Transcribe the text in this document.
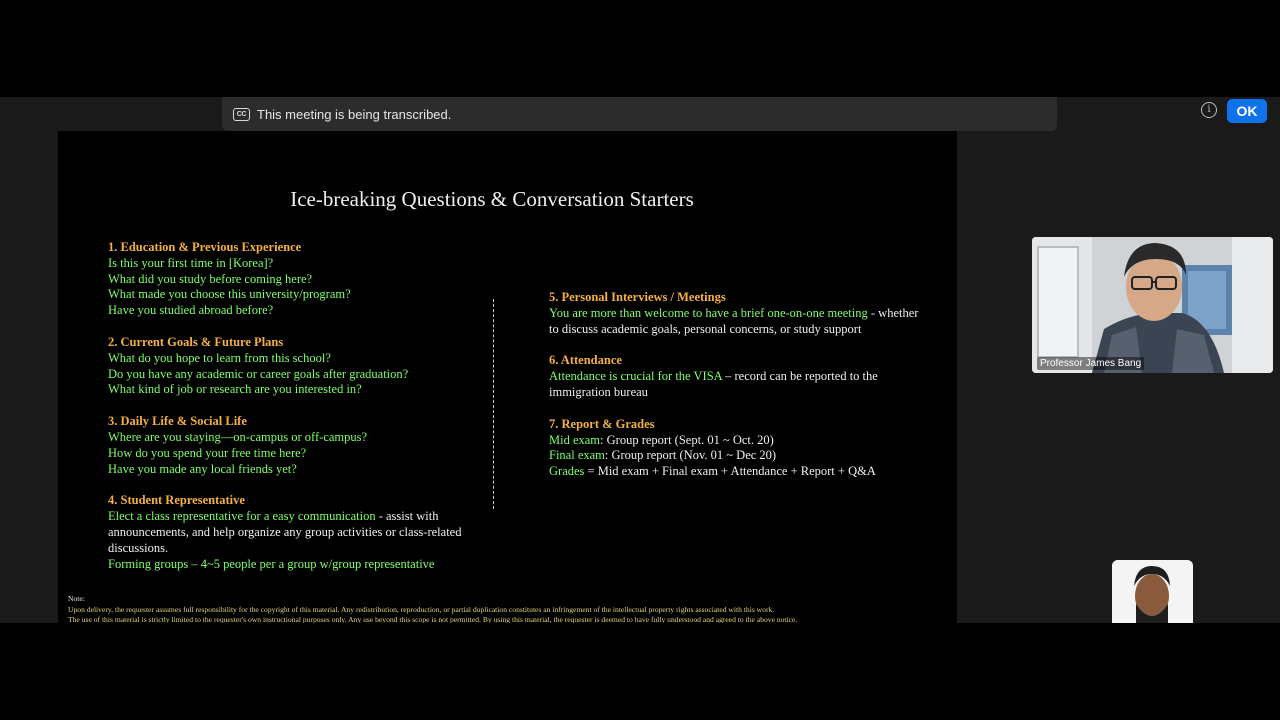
CC This meeting is being transcribed.	i	OK
Ice-breaking Questions & Conversation Starters
1. Education & Previous Experience
Is this your first time in [Korea]?
What did you study before coming here?
What made you choose this university/program?
Have you studied abroad before?
2. Current Goals & Future Plans
What do you hope to learn from this school?
Do you have any academic or career goals after graduation?
What kind of job or research are you interested in?
3. Daily Life & Social Life
Where are you staying—on-campus or off-campus?
How do you spend your free time here?
Have you made any local friends yet?
4. Student Representative
Elect a class representative for a easy communication - assist with announcements, and help organize any group activities or class-related discussions.
Forming groups – 4~5 people per a group w/group representative
5. Personal Interviews / Meetings
You are more than welcome to have a brief one-on-one meeting - whether to discuss academic goals, personal concerns, or study support
6. Attendance
Attendance is crucial for the VISA – record can be reported to the immigration bureau
7. Report & Grades
Mid exam: Group report (Sept. 01 ~ Oct. 20)
Final exam: Group report (Nov. 01 ~ Dec 20)
Grades = Mid exam + Final exam + Attendance + Report + Q&A
Note:
Upon delivery, the requester assumes full responsibility for the copyright of this material. Any redistribution, reproduction, or partial duplication constitutes an infringement of the intellectual property rights associated with this work.
The use of this material is strictly limited to the requester's own instructional purposes only. Any use beyond this scope is not permitted. By using this material, the requester is deemed to have fully understood and agreed to the above notice.
Professor James Bang
